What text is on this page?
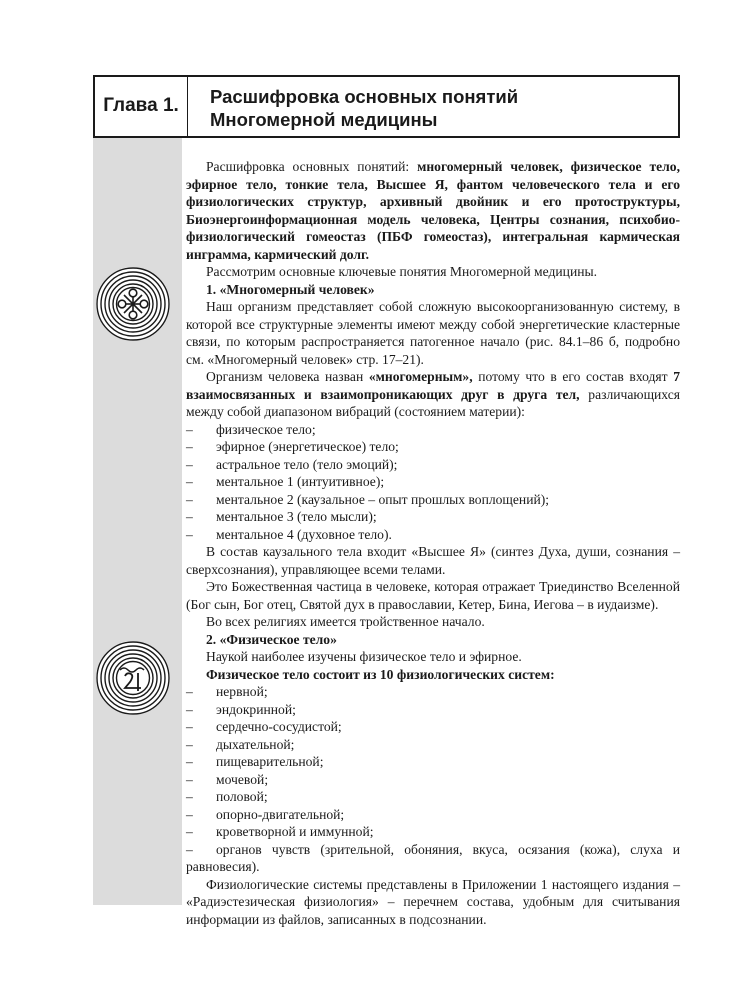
Глава 1.	Расшифровка основных понятий
Многомерной медицины

Расшифровка основных понятий: многомерный человек, физическое тело, эфирное тело, тонкие тела, Высшее Я, фантом человеческого тела и его физиологических структур, архивный двойник и его протоструктуры, Биоэнергоинформационная модель человека, Центры сознания, психобио-физиологический гомеостаз (ПБФ гомеостаз), интегральная кармическая инграмма, кармический долг.

Рассмотрим основные ключевые понятия Многомерной медицины.

1. «Многомерный человек»

Наш организм представляет собой сложную высокоорганизованную систему, в которой все структурные элементы имеют между собой энергетические кластерные связи, по которым распространяется патогенное начало (рис. 84.1–86 б, подробно см. «Многомерный человек» стр. 17–21).

Организм человека назван «многомерным», потому что в его состав входят 7 взаимосвязанных и взаимопроникающих друг в друга тел, различающихся между собой диапазоном вибраций (состоянием материи):

– физическое тело;

– эфирное (энергетическое) тело;

– астральное тело (тело эмоций);

– ментальное 1 (интуитивное);

– ментальное 2 (каузальное – опыт прошлых воплощений);

– ментальное 3 (тело мысли);

– ментальное 4 (духовное тело).

В состав каузального тела входит «Высшее Я» (синтез Духа, души, сознания – сверхсознания), управляющее всеми телами.

Это Божественная частица в человеке, которая отражает Триединство Вселенной (Бог сын, Бог отец, Святой дух в православии, Кетер, Бина, Иегова – в иудаизме).

Во всех религиях имеется тройственное начало.

2. «Физическое тело»

Наукой наиболее изучены физическое тело и эфирное.

Физическое тело состоит из 10 физиологических систем:

– нервной;

– эндокринной;

– сердечно-сосудистой;

– дыхательной;

– пищеварительной;

– мочевой;

– половой;

– опорно-двигательной;

– кроветворной и иммунной;

– органов чувств (зрительной, обоняния, вкуса, осязания (кожа), слуха и равновесия).

Физиологические системы представлены в Приложении 1 настоящего издания – «Радиэстезическая физиология» – перечнем состава, удобным для считывания информации из файлов, записанных в подсознании.
